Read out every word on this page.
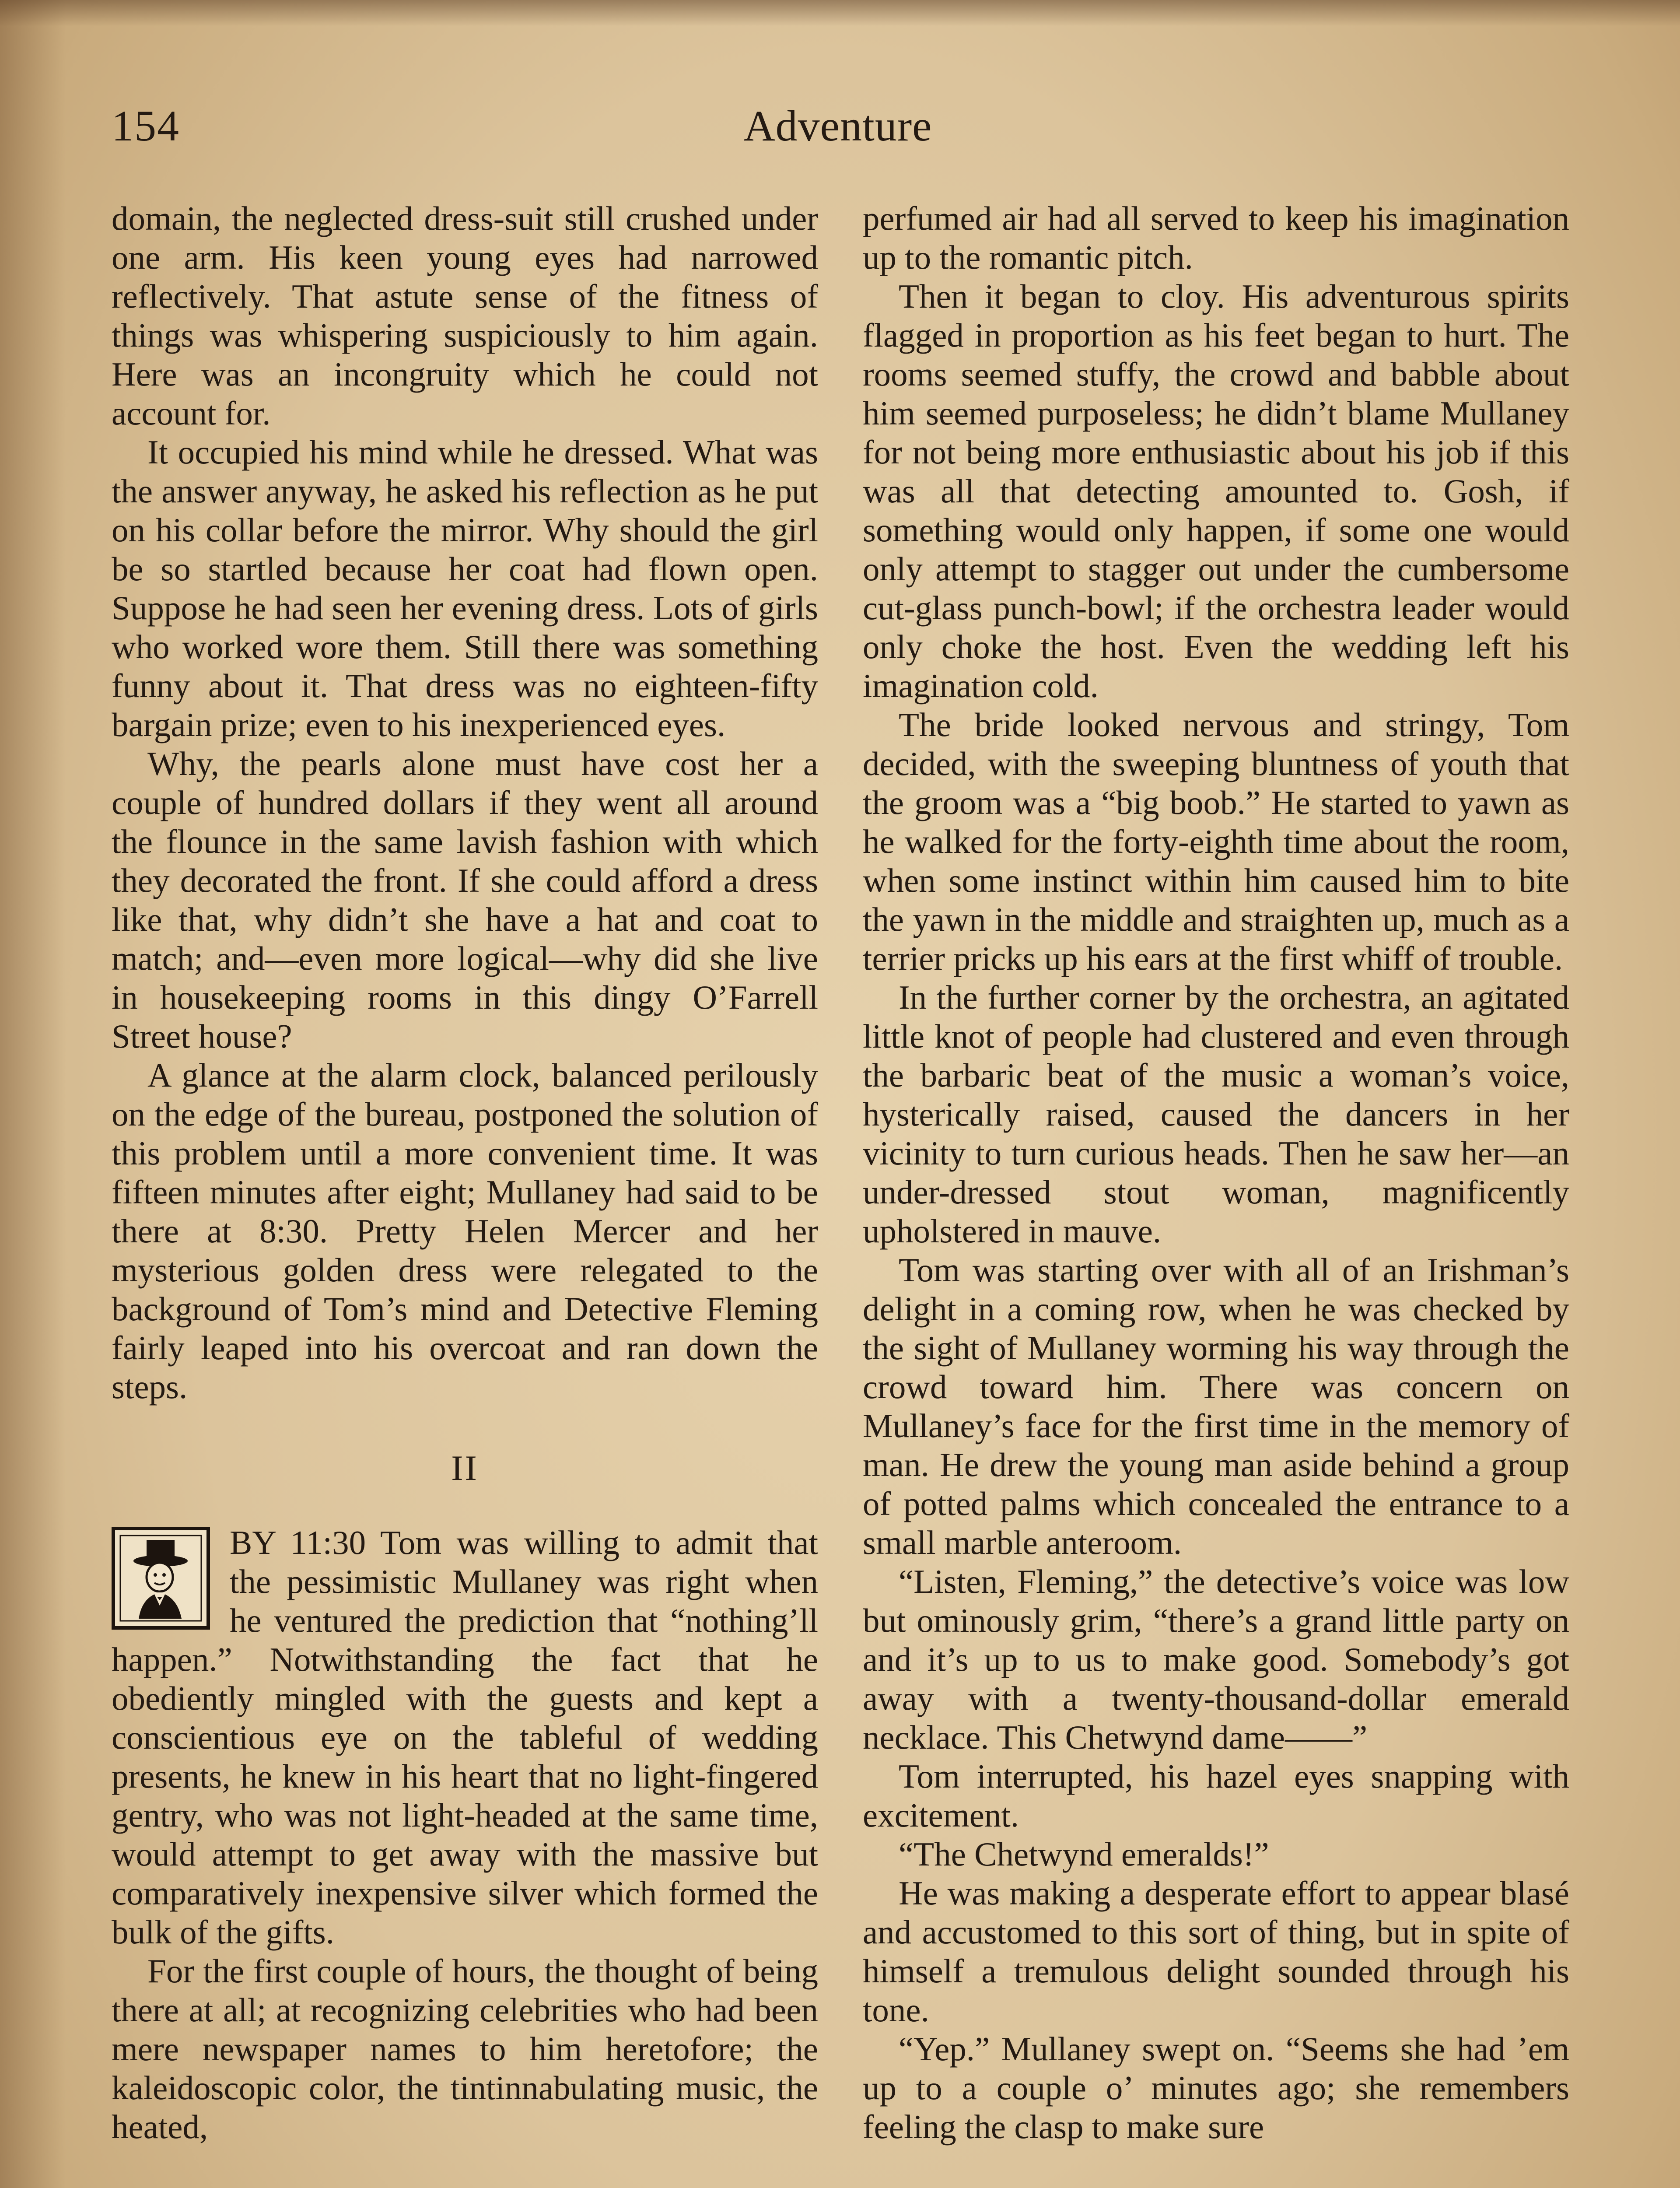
154	Adventure

domain, the neglected dress-suit still crushed under one arm. His keen young eyes had narrowed reflectively. That astute sense of the fitness of things was whispering suspiciously to him again. Here was an incongruity which he could not account for.

It occupied his mind while he dressed. What was the answer anyway, he asked his reflection as he put on his collar before the mirror. Why should the girl be so startled because her coat had flown open. Suppose he had seen her evening dress. Lots of girls who worked wore them. Still there was something funny about it. That dress was no eighteen-fifty bargain prize; even to his inexperienced eyes.

Why, the pearls alone must have cost her a couple of hundred dollars if they went all around the flounce in the same lavish fashion with which they decorated the front. If she could afford a dress like that, why didn’t she have a hat and coat to match; and—even more logical—why did she live in housekeeping rooms in this dingy O’Farrell Street house?

A glance at the alarm clock, balanced perilously on the edge of the bureau, postponed the solution of this problem until a more convenient time. It was fifteen minutes after eight; Mullaney had said to be there at 8:30. Pretty Helen Mercer and her mysterious golden dress were relegated to the background of Tom’s mind and Detective Fleming fairly leaped into his overcoat and ran down the steps.

II

BY 11:30 Tom was willing to admit that the pessimistic Mullaney was right when he ventured the prediction that “nothing’ll happen.” Notwithstanding the fact that he obediently mingled with the guests and kept a conscientious eye on the tableful of wedding presents, he knew in his heart that no light-fingered gentry, who was not light-headed at the same time, would attempt to get away with the massive but comparatively inexpensive silver which formed the bulk of the gifts.

For the first couple of hours, the thought of being there at all; at recognizing celebrities who had been mere newspaper names to him heretofore; the kaleidoscopic color, the tintinnabulating music, the heated,

perfumed air had all served to keep his imagination up to the romantic pitch.

Then it began to cloy. His adventurous spirits flagged in proportion as his feet began to hurt. The rooms seemed stuffy, the crowd and babble about him seemed purposeless; he didn’t blame Mullaney for not being more enthusiastic about his job if this was all that detecting amounted to. Gosh, if something would only happen, if some one would only attempt to stagger out under the cumbersome cut-glass punch-bowl; if the orchestra leader would only choke the host. Even the wedding left his imagination cold.

The bride looked nervous and stringy, Tom decided, with the sweeping bluntness of youth that the groom was a “big boob.” He started to yawn as he walked for the forty-eighth time about the room, when some instinct within him caused him to bite the yawn in the middle and straighten up, much as a terrier pricks up his ears at the first whiff of trouble.

In the further corner by the orchestra, an agitated little knot of people had clustered and even through the barbaric beat of the music a woman’s voice, hysterically raised, caused the dancers in her vicinity to turn curious heads. Then he saw her—an under-dressed stout woman, magnificently upholstered in mauve.

Tom was starting over with all of an Irishman’s delight in a coming row, when he was checked by the sight of Mullaney worming his way through the crowd toward him. There was concern on Mullaney’s face for the first time in the memory of man. He drew the young man aside behind a group of potted palms which concealed the entrance to a small marble anteroom.

“Listen, Fleming,” the detective’s voice was low but ominously grim, “there’s a grand little party on and it’s up to us to make good. Somebody’s got away with a twenty-thousand-dollar emerald necklace. This Chetwynd dame——”

Tom interrupted, his hazel eyes snapping with excitement.

“The Chetwynd emeralds!”

He was making a desperate effort to appear blasé and accustomed to this sort of thing, but in spite of himself a tremulous delight sounded through his tone.

“Yep.” Mullaney swept on. “Seems she had ’em up to a couple o’ minutes ago; she remembers feeling the clasp to make sure
